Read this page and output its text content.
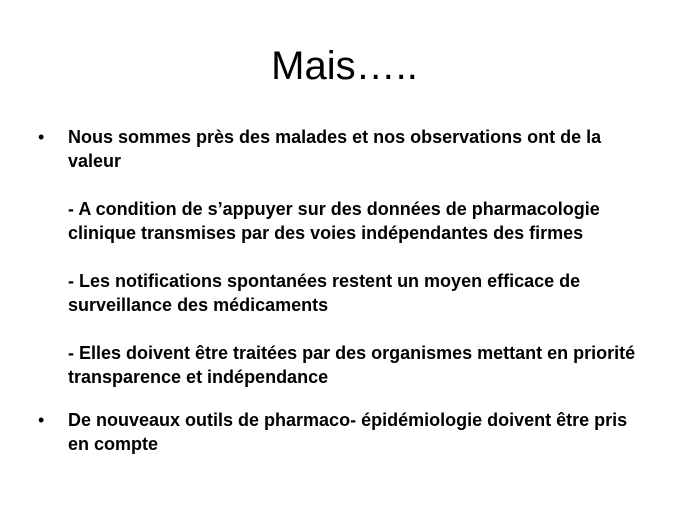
Mais…..
• Nous sommes près des malades et nos observations ont de la valeur
- A condition de s’appuyer sur des données de pharmacologie clinique transmises par des voies indépendantes des firmes
- Les notifications spontanées restent un moyen efficace de surveillance des médicaments
- Elles doivent être traitées par des organismes mettant en priorité transparence et indépendance
• De nouveaux outils de pharmaco- épidémiologie doivent être pris en compte
